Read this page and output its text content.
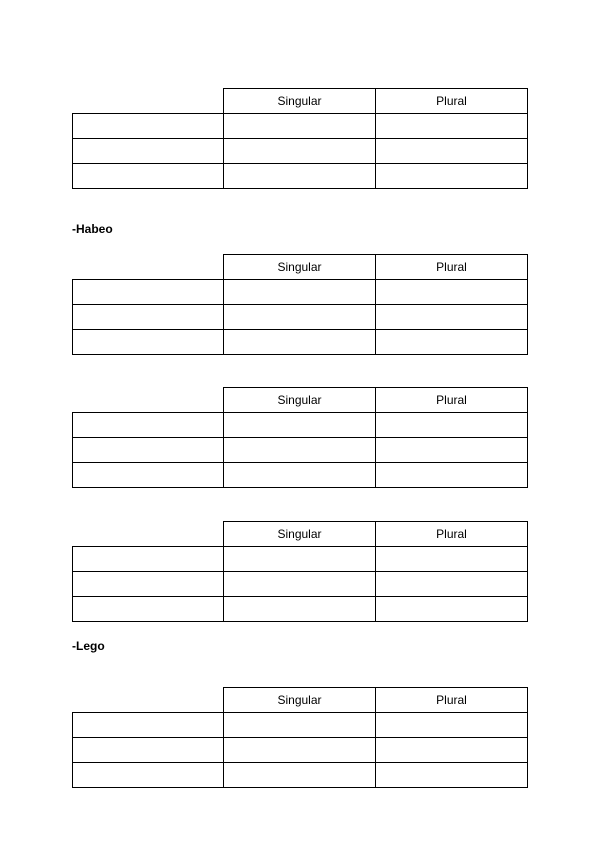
	Singular	Plural

-Habeo

	Singular	Plural

	Singular	Plural

	Singular	Plural

-Lego

	Singular	Plural
